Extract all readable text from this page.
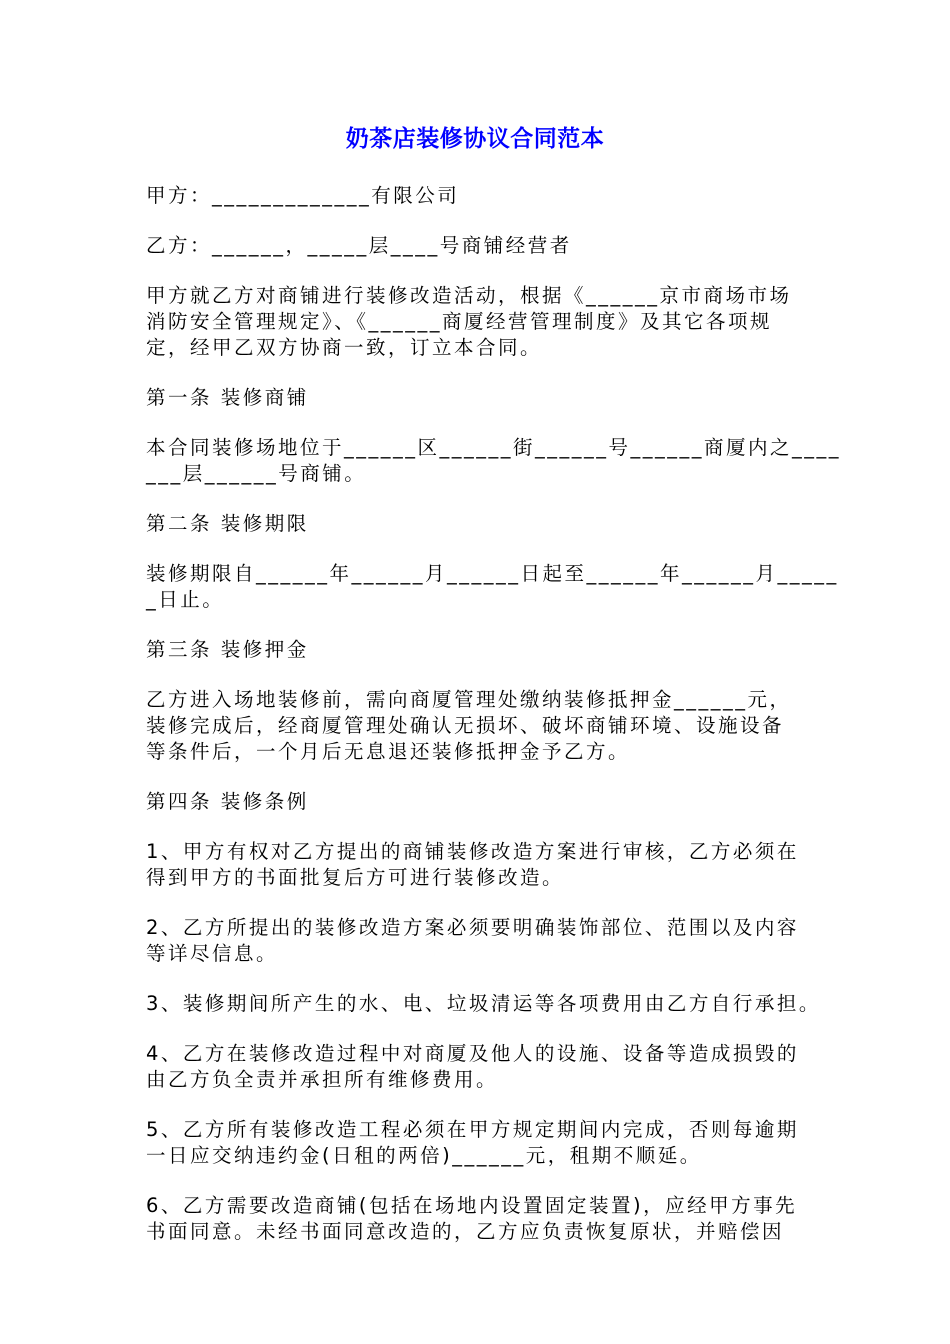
奶茶店装修协议合同范本

甲方：_____________有限公司

乙方：______，_____层____号商铺经营者

甲方就乙方对商铺进行装修改造活动，根据《______京市商场市场
消防安全管理规定》、《______商厦经营管理制度》及其它各项规
定，经甲乙双方协商一致，订立本合同。

第一条 装修商铺

本合同装修场地位于______区______街______号______商厦内之____
___层______号商铺。

第二条 装修期限

装修期限自______年______月______日起至______年______月_____
_日止。

第三条 装修押金

乙方进入场地装修前，需向商厦管理处缴纳装修抵押金______元，
装修完成后，经商厦管理处确认无损坏、破坏商铺环境、设施设备
等条件后，一个月后无息退还装修抵押金予乙方。

第四条 装修条例

1、甲方有权对乙方提出的商铺装修改造方案进行审核，乙方必须在
得到甲方的书面批复后方可进行装修改造。

2、乙方所提出的装修改造方案必须要明确装饰部位、范围以及内容
等详尽信息。

3、装修期间所产生的水、电、垃圾清运等各项费用由乙方自行承担。

4、乙方在装修改造过程中对商厦及他人的设施、设备等造成损毁的
由乙方负全责并承担所有维修费用。

5、乙方所有装修改造工程必须在甲方规定期间内完成，否则每逾期
一日应交纳违约金(日租的两倍)______元，租期不顺延。

6、乙方需要改造商铺(包括在场地内设置固定装置)，应经甲方事先
书面同意。未经书面同意改造的，乙方应负责恢复原状，并赔偿因
